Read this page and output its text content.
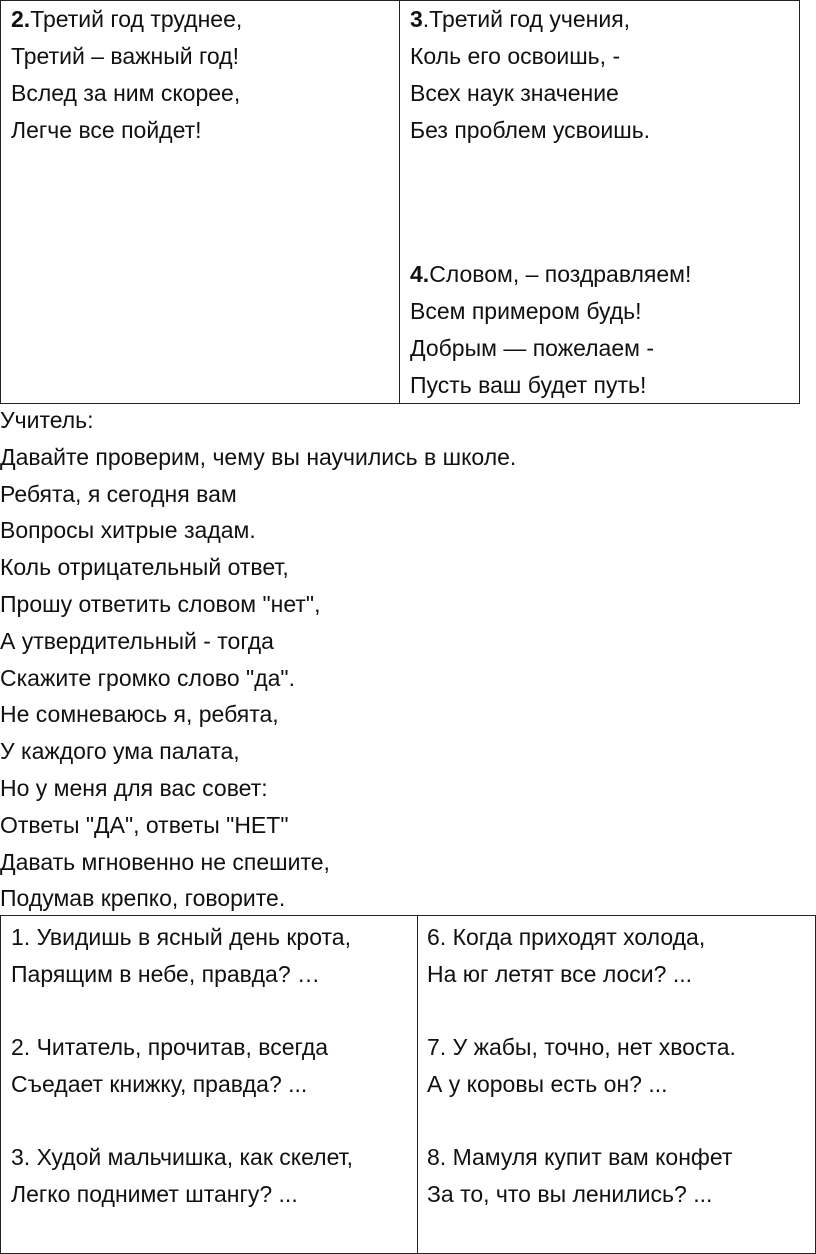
2.Третий год труднее,
Третий – важный год!
Вслед за ним скорее,
Легче все пойдет!
3.Третий год учения,
Коль его освоишь, -
Всех наук значение
Без проблем усвоишь.
4.Словом, – поздравляем!
Всем примером будь!
Добрым — пожелаем -
Пусть ваш будет путь!
Учитель:
Давайте проверим, чему вы научились в школе.
Ребята, я сегодня вам
Вопросы хитрые задам.
Коль отрицательный ответ,
Прошу ответить словом "нет",
А утвердительный - тогда
Скажите громко слово "да".
Не сомневаюсь я, ребята,
У каждого ума палата,
Но у меня для вас совет:
Ответы "ДА", ответы "НЕТ"
Давать мгновенно не спешите,
Подумав крепко, говорите.
1. Увидишь в ясный день крота,
Парящим в небе, правда? …
2. Читатель, прочитав, всегда
Съедает книжку, правда? ...
3. Худой мальчишка, как скелет,
Легко поднимет штангу? ...
6. Когда приходят холода,
На юг летят все лоси? ...
7. У жабы, точно, нет хвоста.
А у коровы есть он? ...
8. Мамуля купит вам конфет
За то, что вы ленились? ...
